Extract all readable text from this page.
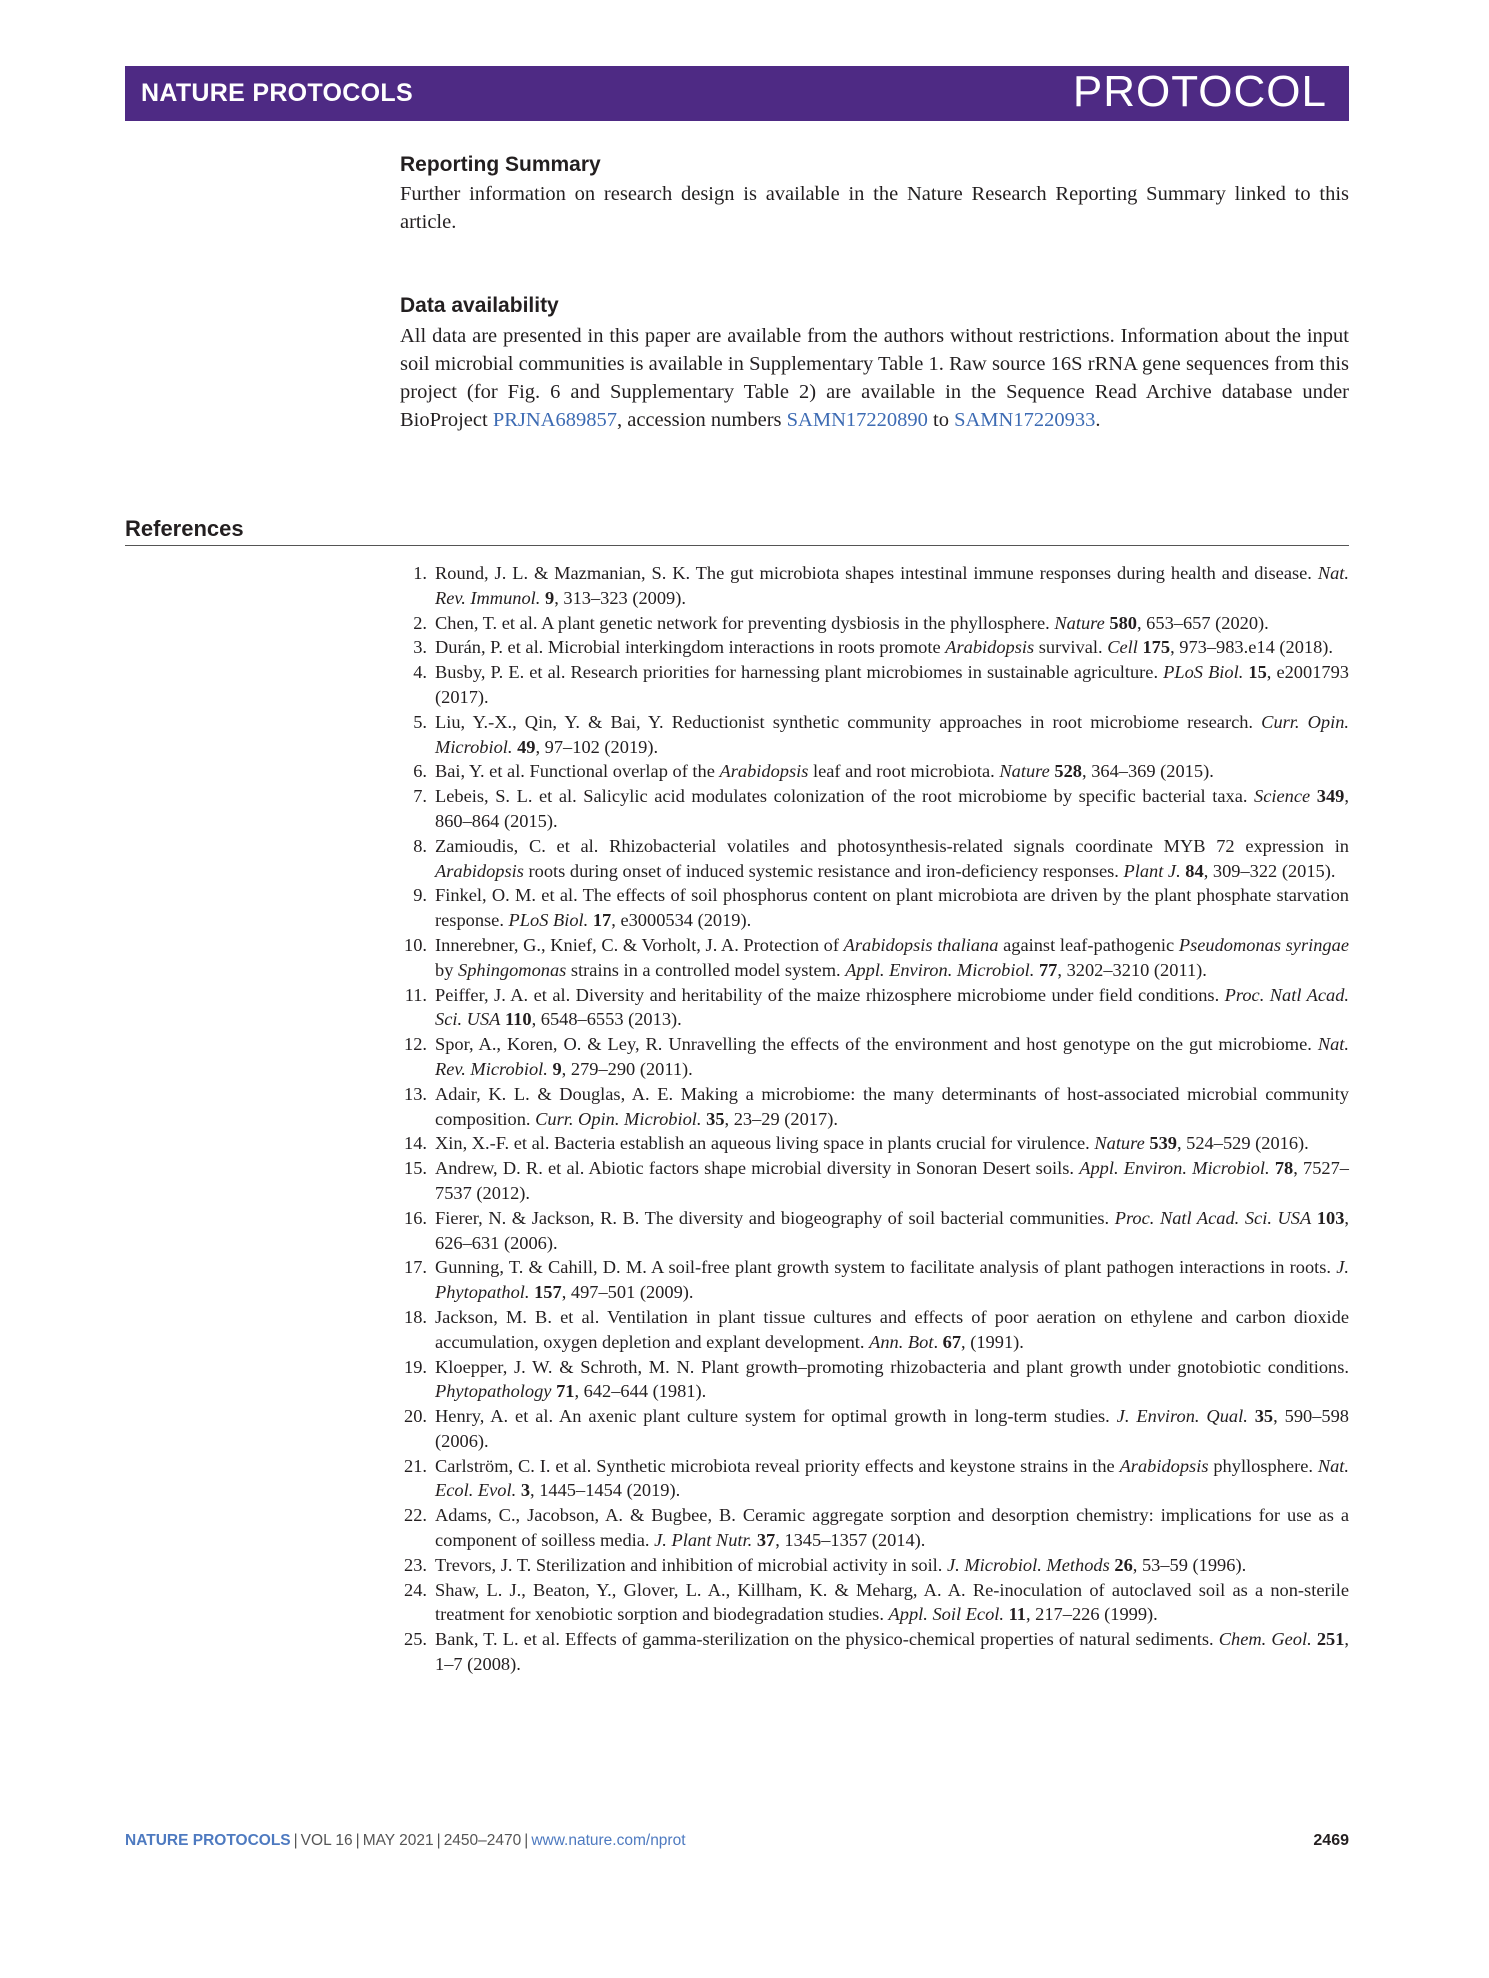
NATURE PROTOCOLS	PROTOCOL
Reporting Summary

Further information on research design is available in the Nature Research Reporting Summary linked to this article.

Data availability

All data are presented in this paper are available from the authors without restrictions. Information about the input soil microbial communities is available in Supplementary Table 1. Raw source 16S rRNA gene sequences from this project (for Fig. 6 and Supplementary Table 2) are available in the Sequence Read Archive database under BioProject PRJNA689857, accession numbers SAMN17220890 to SAMN17220933.

References
1. Round, J. L. & Mazmanian, S. K. The gut microbiota shapes intestinal immune responses during health and disease. Nat. Rev. Immunol. 9, 313–323 (2009).
2. Chen, T. et al. A plant genetic network for preventing dysbiosis in the phyllosphere. Nature 580, 653–657 (2020).
3. Durán, P. et al. Microbial interkingdom interactions in roots promote Arabidopsis survival. Cell 175, 973–983.e14 (2018).
4. Busby, P. E. et al. Research priorities for harnessing plant microbiomes in sustainable agriculture. PLoS Biol. 15, e2001793 (2017).
5. Liu, Y.-X., Qin, Y. & Bai, Y. Reductionist synthetic community approaches in root microbiome research. Curr. Opin. Microbiol. 49, 97–102 (2019).
6. Bai, Y. et al. Functional overlap of the Arabidopsis leaf and root microbiota. Nature 528, 364–369 (2015).
7. Lebeis, S. L. et al. Salicylic acid modulates colonization of the root microbiome by specific bacterial taxa. Science 349, 860–864 (2015).
8. Zamioudis, C. et al. Rhizobacterial volatiles and photosynthesis-related signals coordinate MYB 72 expression in Arabidopsis roots during onset of induced systemic resistance and iron-deficiency responses. Plant J. 84, 309–322 (2015).
9. Finkel, O. M. et al. The effects of soil phosphorus content on plant microbiota are driven by the plant phosphate starvation response. PLoS Biol. 17, e3000534 (2019).
10. Innerebner, G., Knief, C. & Vorholt, J. A. Protection of Arabidopsis thaliana against leaf-pathogenic Pseudomonas syringae by Sphingomonas strains in a controlled model system. Appl. Environ. Microbiol. 77, 3202–3210 (2011).
11. Peiffer, J. A. et al. Diversity and heritability of the maize rhizosphere microbiome under field conditions. Proc. Natl Acad. Sci. USA 110, 6548–6553 (2013).
12. Spor, A., Koren, O. & Ley, R. Unravelling the effects of the environment and host genotype on the gut microbiome. Nat. Rev. Microbiol. 9, 279–290 (2011).
13. Adair, K. L. & Douglas, A. E. Making a microbiome: the many determinants of host-associated microbial community composition. Curr. Opin. Microbiol. 35, 23–29 (2017).
14. Xin, X.-F. et al. Bacteria establish an aqueous living space in plants crucial for virulence. Nature 539, 524–529 (2016).
15. Andrew, D. R. et al. Abiotic factors shape microbial diversity in Sonoran Desert soils. Appl. Environ. Microbiol. 78, 7527–7537 (2012).
16. Fierer, N. & Jackson, R. B. The diversity and biogeography of soil bacterial communities. Proc. Natl Acad. Sci. USA 103, 626–631 (2006).
17. Gunning, T. & Cahill, D. M. A soil-free plant growth system to facilitate analysis of plant pathogen interactions in roots. J. Phytopathol. 157, 497–501 (2009).
18. Jackson, M. B. et al. Ventilation in plant tissue cultures and effects of poor aeration on ethylene and carbon dioxide accumulation, oxygen depletion and explant development. Ann. Bot. 67, (1991).
19. Kloepper, J. W. & Schroth, M. N. Plant growth–promoting rhizobacteria and plant growth under gnotobiotic conditions. Phytopathology 71, 642–644 (1981).
20. Henry, A. et al. An axenic plant culture system for optimal growth in long-term studies. J. Environ. Qual. 35, 590–598 (2006).
21. Carlström, C. I. et al. Synthetic microbiota reveal priority effects and keystone strains in the Arabidopsis phyllosphere. Nat. Ecol. Evol. 3, 1445–1454 (2019).
22. Adams, C., Jacobson, A. & Bugbee, B. Ceramic aggregate sorption and desorption chemistry: implications for use as a component of soilless media. J. Plant Nutr. 37, 1345–1357 (2014).
23. Trevors, J. T. Sterilization and inhibition of microbial activity in soil. J. Microbiol. Methods 26, 53–59 (1996).
24. Shaw, L. J., Beaton, Y., Glover, L. A., Killham, K. & Meharg, A. A. Re-inoculation of autoclaved soil as a non-sterile treatment for xenobiotic sorption and biodegradation studies. Appl. Soil Ecol. 11, 217–226 (1999).
25. Bank, T. L. et al. Effects of gamma-sterilization on the physico-chemical properties of natural sediments. Chem. Geol. 251, 1–7 (2008).
NATURE PROTOCOLS | VOL 16 | MAY 2021 | 2450–2470 | www.nature.com/nprot	2469
